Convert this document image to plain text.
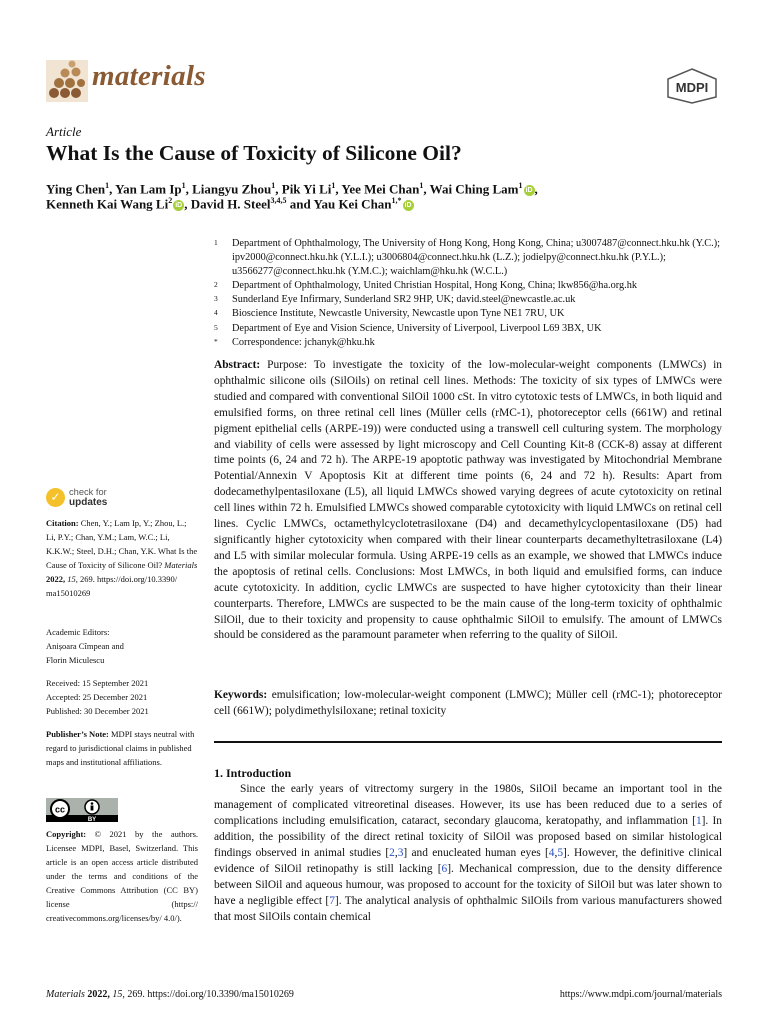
materials	MDPI
Article
What Is the Cause of Toxicity of Silicone Oil?
Ying Chen$^1$, Yan Lam Ip$^1$, Liangyu Zhou$^1$, Pik Yi Li$^1$, Yee Mei Chan$^1$, Wai Ching Lam$^1$iD ,
Kenneth Kai Wang Li$^2$iD , David H. Steel$^{3,4,5}$ and Yau Kei Chan$^{1,*}$iD
1	Department of Ophthalmology, The University of Hong Kong, Hong Kong, China; u3007487@connect.hku.hk (Y.C.); ipv2000@connect.hku.hk (Y.L.I.); u3006804@connect.hku.hk (L.Z.); jodielpy@connect.hku.hk (P.Y.L.); u3566277@connect.hku.hk (Y.M.C.); waichlam@hku.hk (W.C.L.)
2	Department of Ophthalmology, United Christian Hospital, Hong Kong, China; lkw856@ha.org.hk
3	Sunderland Eye Infirmary, Sunderland SR2 9HP, UK; david.steel@newcastle.ac.uk
4	Bioscience Institute, Newcastle University, Newcastle upon Tyne NE1 7RU, UK
5	Department of Eye and Vision Science, University of Liverpool, Liverpool L69 3BX, UK
*	Correspondence: jchanyk@hku.hk

Abstract: Purpose: To investigate the toxicity of the low-molecular-weight components (LMWCs) in ophthalmic silicone oils (SilOils) on retinal cell lines. Methods: The toxicity of six types of LMWCs were studied and compared with conventional SilOil 1000 cSt. In vitro cytotoxic tests of LMWCs, in both liquid and emulsified forms, on three retinal cell lines (Müller cells (rMC-1), photoreceptor cells (661W) and retinal pigment epithelial cells (ARPE-19)) were conducted using a transwell cell culturing system. The morphology and viability of cells were assessed by light microscopy and Cell Counting Kit-8 (CCK-8) assay at different time points (6, 24 and 72 h). The ARPE-19 apoptotic pathway was investigated by Mitochondrial Membrane Potential/Annexin V Apoptosis Kit at different time points (6, 24 and 72 h). Results: Apart from dodecamethylpentasiloxane (L5), all liquid LMWCs showed varying degrees of acute cytotoxicity on retinal cell lines within 72 h. Emulsified LMWCs showed comparable cytotoxicity with liquid LMWCs on retinal cell lines. Cyclic LMWCs, octamethylcyclotetrasiloxane (D4) and decamethylcyclopentasiloxane (D5) had significantly higher cytotoxicity when compared with their linear counterparts decamethyltetrasiloxane (L4) and L5 with similar molecular formula. Using ARPE-19 cells as an example, we showed that LMWCs induce the apoptosis of retinal cells. Conclusions: Most LMWCs, in both liquid and emulsified forms, can induce acute cytotoxicity. In addition, cyclic LMWCs are suspected to have higher cytotoxicity than their linear counterparts. Therefore, LMWCs are suspected to be the main cause of the long-term toxicity of ophthalmic SilOil, due to their toxicity and propensity to cause ophthalmic SilOil to emulsify. The amount of LMWCs should be considered as the paramount parameter when referring to the quality of SilOil.

Keywords: emulsification; low-molecular-weight component (LMWC); Müller cell (rMC-1); photoreceptor cell (661W); polydimethylsiloxane; retinal toxicity

1. Introduction

Since the early years of vitrectomy surgery in the 1980s, SilOil became an important tool in the management of complicated vitreoretinal diseases. However, its use has been reduced due to a series of complications including emulsification, cataract, secondary glaucoma, keratopathy, and inflammation [1]. In addition, the possibility of the direct retinal toxicity of SilOil was proposed based on similar histological findings observed in animal studies [2,3] and enucleated human eyes [4,5]. However, the definitive clinical evidence of SilOil retinopathy is still lacking [6]. Mechanical compression, due to the density difference between SilOil and aqueous humour, was proposed to account for the toxicity of SilOil but was later shown to have a negligible effect [7]. The analytical analysis of ophthalmic SilOils from various manufacturers showed that most SilOils contain chemical

✓ check for
updates
Citation: Chen, Y.; Lam Ip, Y.; Zhou, L.; Li, P.Y.; Chan, Y.M.; Lam, W.C.; Li, K.K.W.; Steel, D.H.; Chan, Y.K. What Is the Cause of Toxicity of Silicone Oil? Materials 2022, 15, 269. https://doi.org/10.3390/ ma15010269
Academic Editors:
Anișoara Cîmpean and
Florin Miculescu
Received: 15 September 2021
Accepted: 25 December 2021
Published: 30 December 2021
Publisher’s Note: MDPI stays neutral with regard to jurisdictional claims in published maps and institutional affiliations.
cc
BY
Copyright: © 2021 by the authors. Licensee MDPI, Basel, Switzerland. This article is an open access article distributed under the terms and conditions of the Creative Commons Attribution (CC BY) license (https:// creativecommons.org/licenses/by/ 4.0/).
Materials 2022, 15, 269. https://doi.org/10.3390/ma15010269	https://www.mdpi.com/journal/materials
